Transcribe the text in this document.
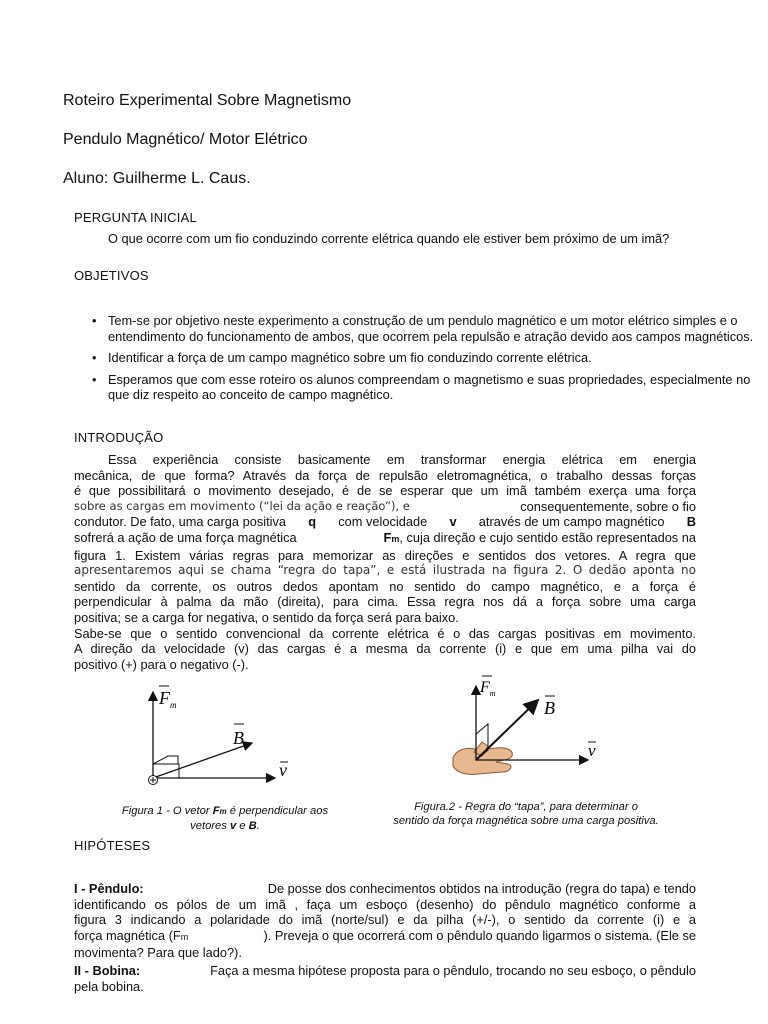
Roteiro Experimental Sobre Magnetismo
Pendulo Magnético/ Motor Elétrico
Aluno: Guilherme L. Caus.
PERGUNTA INICIAL
O que ocorre com um fio conduzindo corrente elétrica quando ele estiver bem próximo de um imã?
OBJETIVOS
• Tem-se por objetivo neste experimento a construção de um pendulo magnético e um motor elétrico simples e o entendimento do funcionamento de ambos, que ocorrem pela repulsão e atração devido aos campos magnéticos.
• Identificar a força de um campo magnético sobre um fio conduzindo corrente elétrica.
• Esperamos que com esse roteiro os alunos compreendam o magnetismo e suas propriedades, especialmente no que diz respeito ao conceito de campo magnético.
INTRODUÇÃO
Essa experiência consiste basicamente em transformar energia elétrica em energia
mecânica, de que forma? Através da força de repulsão eletromagnética, o trabalho dessas forças
é que possibilitará o movimento desejado, é de se esperar que um imã também exerça uma força
sobre as cargas em movimento (“lei da ação e reação”), e	consequentemente, sobre o fio
condutor. De fato, uma carga positiva q com velocidade v através de um campo magnético B
sofrerá a ação de uma força magnética	Fm, cuja direção e cujo sentido estão representados na
figura 1. Existem várias regras para memorizar as direções e sentidos dos vetores. A regra que
apresentaremos aqui se chama “regra do tapa”, e está ilustrada na figura 2. O dedão aponta no
sentido da corrente, os outros dedos apontam no sentido do campo magnético, e a força é
perpendicular à palma da mão (direita), para cima. Essa regra nos dá a força sobre uma carga
positiva; se a carga for negativa, o sentido da força será para baixo.
Sabe-se que o sentido convencional da corrente elétrica é o das cargas positivas em movimento.
A direção da velocidade (v) das cargas é a mesma da corrente (i) e que em uma pilha vai do
positivo (+) para o negativo (-).
$F_m$
B
v
Figura 1 - O vetor Fm é perpendicular aos
vetores v e B.
$F_m$
B
v
Figura.2 - Regra do “tapa”, para determinar o
sentido da força magnética sobre uma carga positiva.
HIPÓTESES
I - Pêndulo:	De posse dos conhecimentos obtidos na introdução (regra do tapa) e tendo
identificando os pólos de um imã , faça um esboço (desenho) do pêndulo magnético conforme a
figura 3 indicando a polaridade do imã (norte/sul) e da pilha (+/-), o sentido da corrente (i) e a
força magnética (Fm	). Preveja o que ocorrerá com o pêndulo quando ligarmos o sistema. (Ele se
movimenta? Para que lado?).
II - Bobina:	Faça a mesma hipótese proposta para o pêndulo, trocando no seu esboço, o pêndulo
pela bobina.
